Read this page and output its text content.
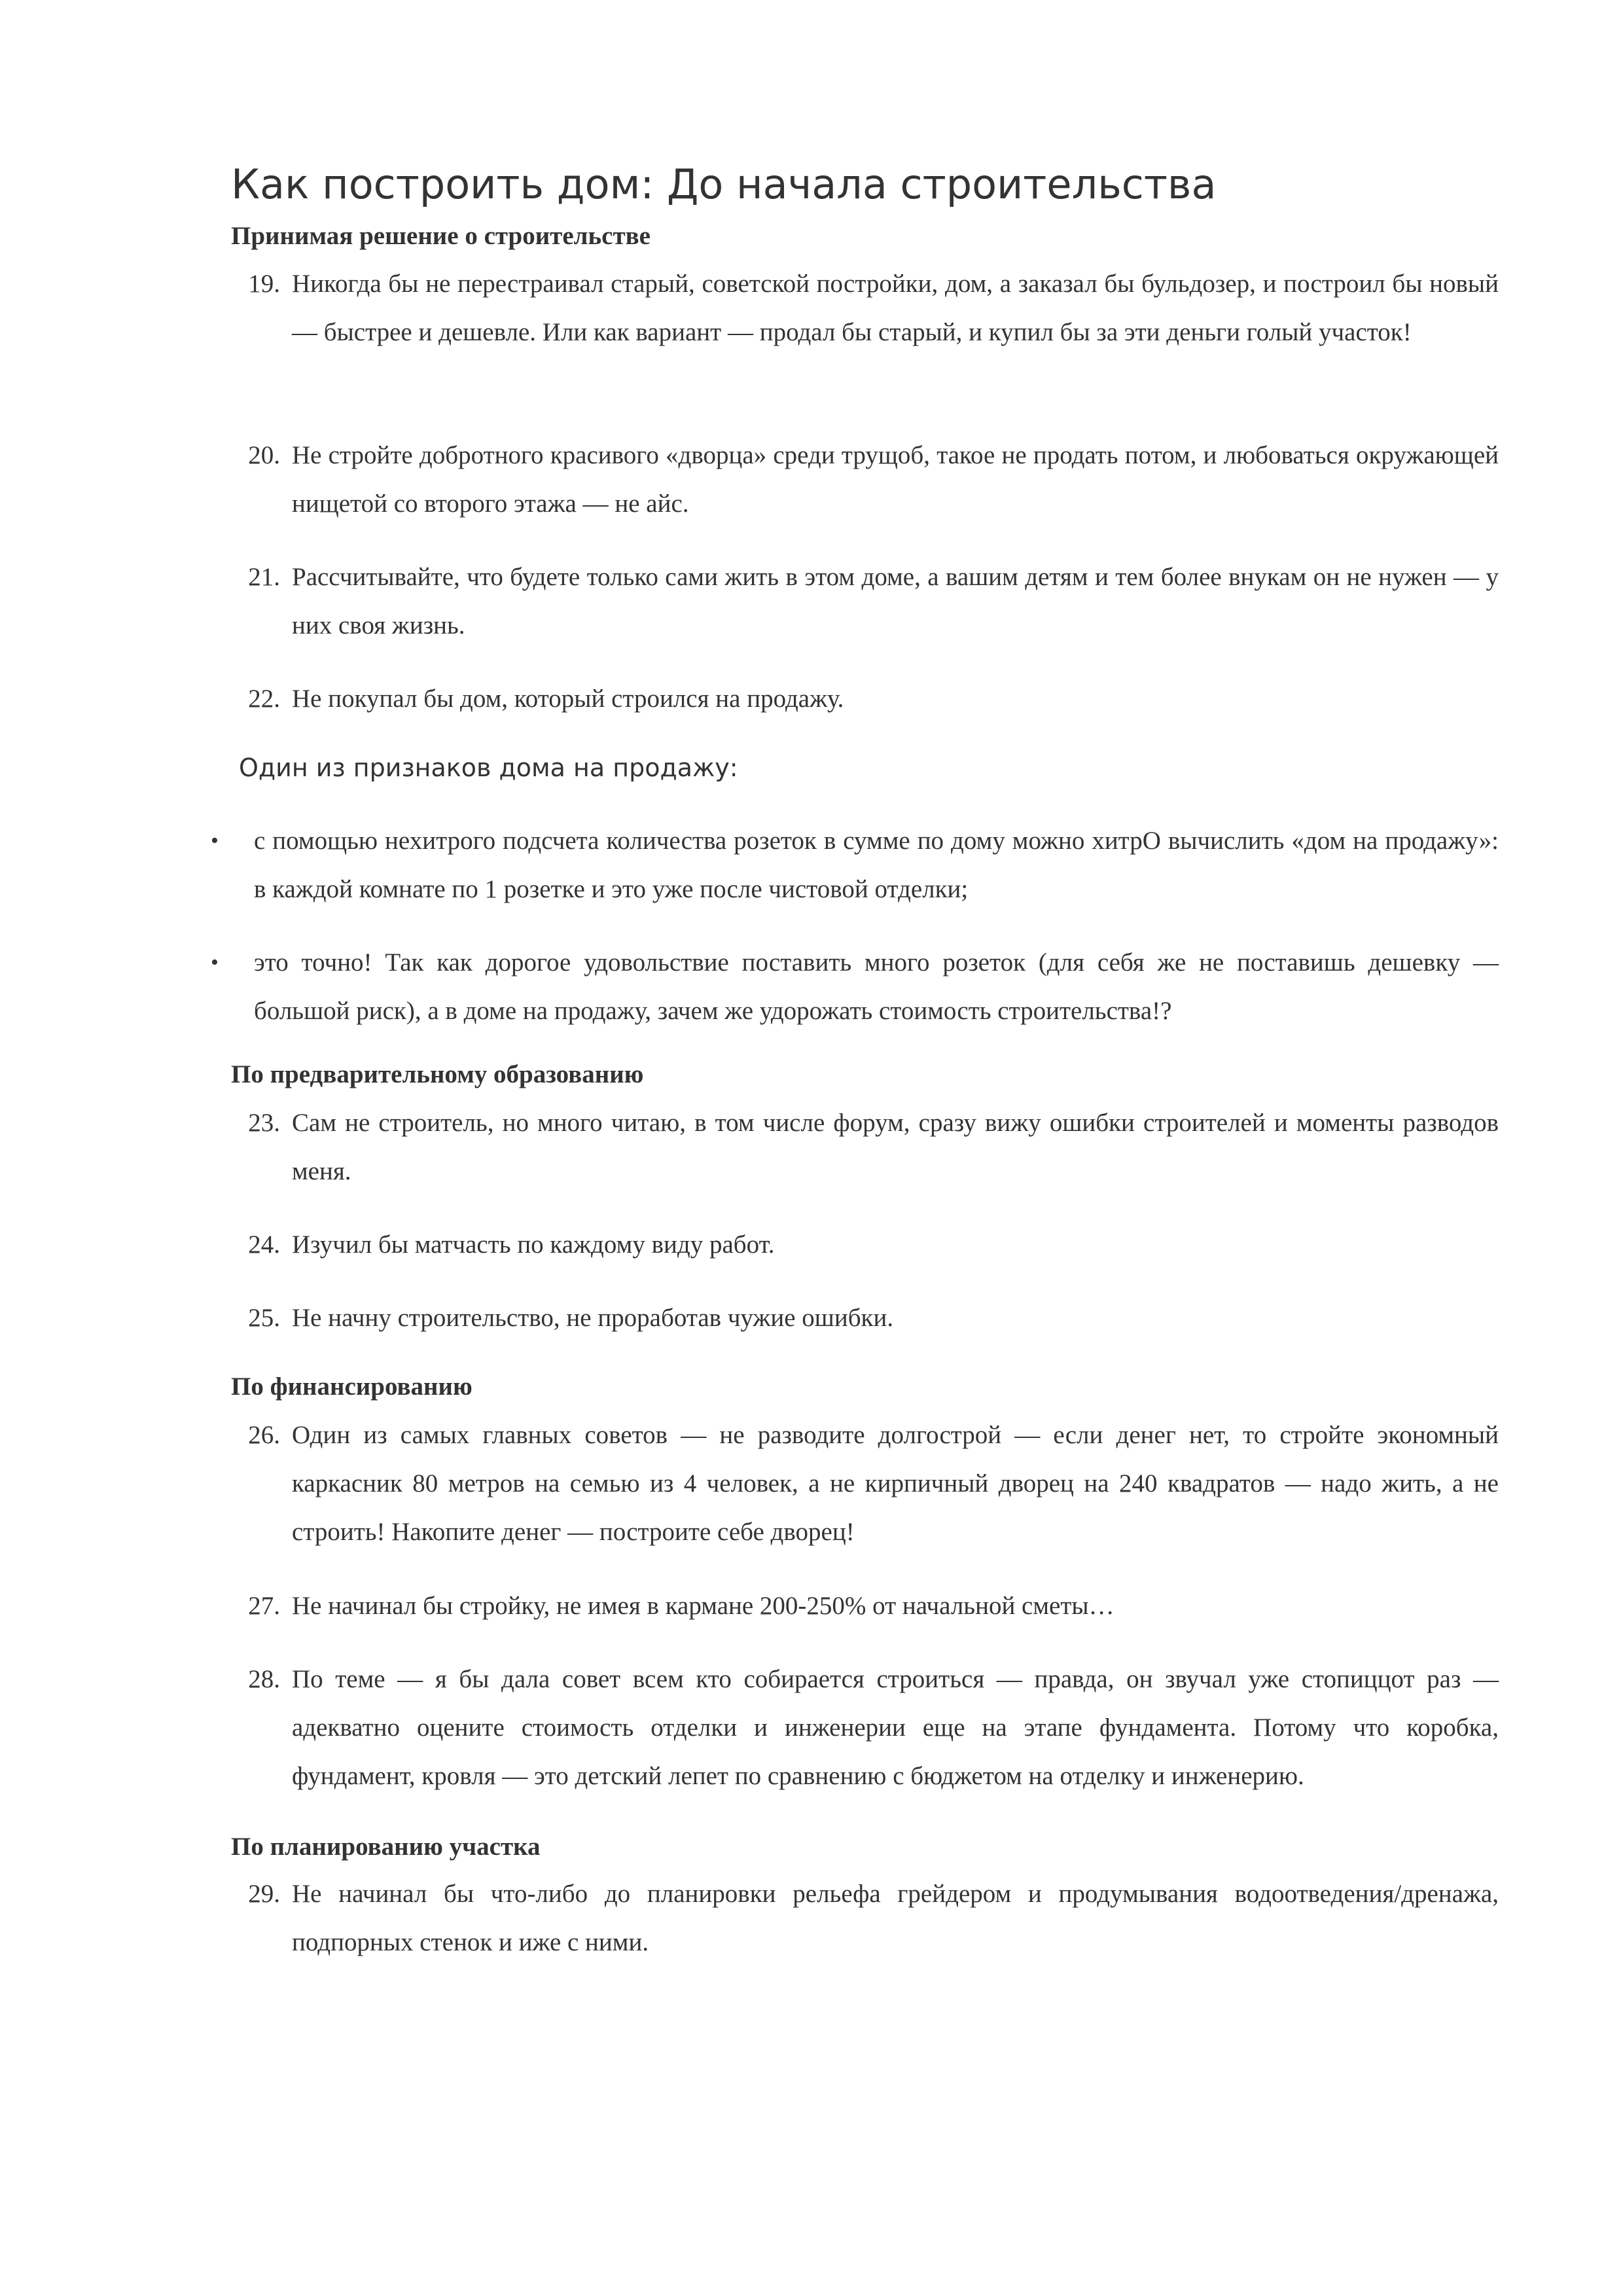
Как построить дом: До начала строительства
Принимая решение о строительстве
19. Никогда бы не перестраивал старый, советской постройки, дом, а заказал бы бульдозер, и построил бы новый — быстрее и дешевле. Или как вариант — продал бы старый, и купил бы за эти деньги голый участок!
20. Не стройте добротного красивого «дворца» среди трущоб, такое не продать потом, и любоваться окружающей нищетой со второго этажа — не айс.
21. Рассчитывайте, что будете только сами жить в этом доме, а вашим детям и тем более внукам он не нужен — у них своя жизнь.
22. Не покупал бы дом, который строился на продажу.

Один из признаков дома на продажу:

• с помощью нехитрого подсчета количества розеток в сумме по дому можно хитрО вычислить «дом на продажу»: в каждой комнате по 1 розетке и это уже после чистовой отделки;
• это точно! Так как дорогое удовольствие поставить много розеток (для себя же не поставишь дешевку — большой риск), а в доме на продажу, зачем же удорожать стоимость строительства!?
По предварительному образованию
23. Сам не строитель, но много читаю, в том числе форум, сразу вижу ошибки строителей и моменты разводов меня.
24. Изучил бы матчасть по каждому виду работ.
25. Не начну строительство, не проработав чужие ошибки.
По финансированию
26. Один из самых главных советов — не разводите долгострой — если денег нет, то стройте экономный каркасник 80 метров на семью из 4 человек, а не кирпичный дворец на 240 квадратов — надо жить, а не строить! Накопите денег — построите себе дворец!
27. Не начинал бы стройку, не имея в кармане 200-250% от начальной сметы…
28. По теме — я бы дала совет всем кто собирается строиться — правда, он звучал уже стопиццот раз — адекватно оцените стоимость отделки и инженерии еще на этапе фундамента. Потому что коробка, фундамент, кровля — это детский лепет по сравнению с бюджетом на отделку и инженерию.
По планированию участка
29. Не начинал бы что-либо до планировки рельефа грейдером и продумывания водоотведения/дренажа, подпорных стенок и иже с ними.
